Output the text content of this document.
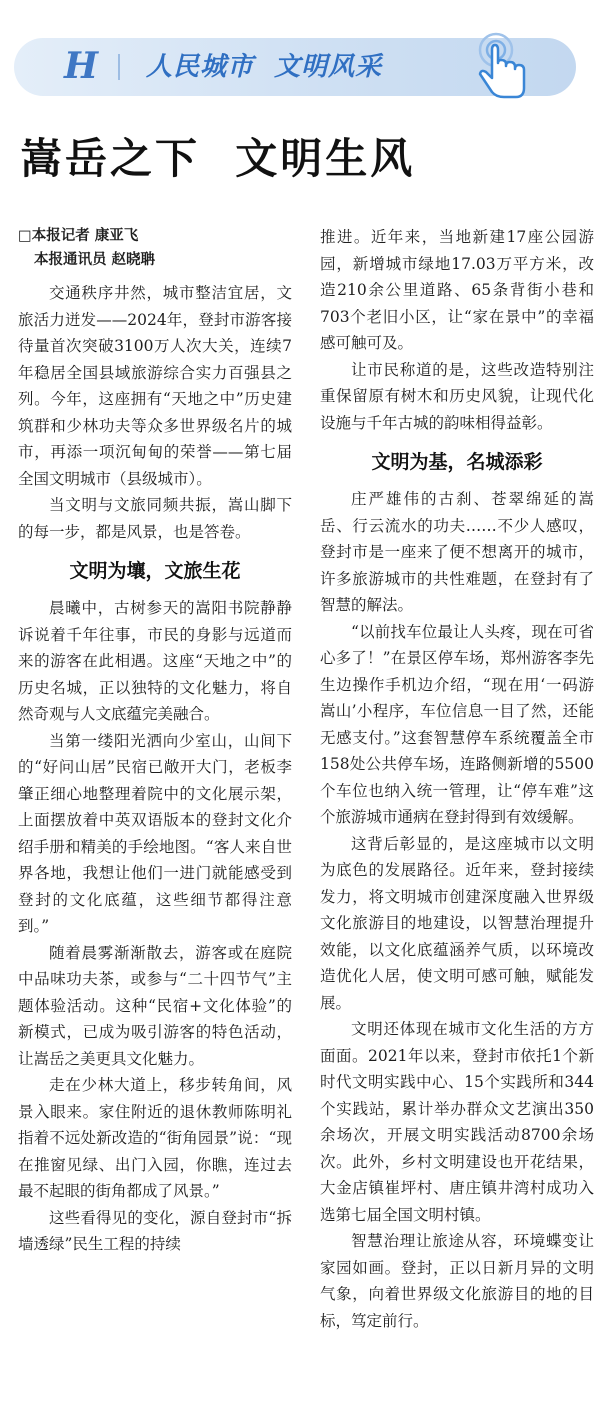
H 人民城市  文明风采
嵩岳之下  文明生风
□本报记者 康亚飞
本报通讯员 赵晓聃

交通秩序井然，城市整洁宜居，文旅活力迸发——2024年，登封市游客接待量首次突破3100万人次大关，连续7年稳居全国县域旅游综合实力百强县之列。今年，这座拥有“天地之中”历史建筑群和少林功夫等众多世界级名片的城市，再添一项沉甸甸的荣誉——第七届全国文明城市（县级城市）。

当文明与文旅同频共振，嵩山脚下的每一步，都是风景，也是答卷。

文明为壤，文旅生花

晨曦中，古树参天的嵩阳书院静静诉说着千年往事，市民的身影与远道而来的游客在此相遇。这座“天地之中”的历史名城，正以独特的文化魅力，将自然奇观与人文底蕴完美融合。

当第一缕阳光洒向少室山，山间下的“好问山居”民宿已敞开大门，老板李肇正细心地整理着院中的文化展示架，上面摆放着中英双语版本的登封文化介绍手册和精美的手绘地图。“客人来自世界各地，我想让他们一进门就能感受到登封的文化底蕴，这些细节都得注意到。”

随着晨雾渐渐散去，游客或在庭院中品味功夫茶，或参与“二十四节气”主题体验活动。这种“民宿+文化体验”的新模式，已成为吸引游客的特色活动，让嵩岳之美更具文化魅力。

走在少林大道上，移步转角间，风景入眼来。家住附近的退休教师陈明礼指着不远处新改造的“街角园景”说：“现在推窗见绿、出门入园，你瞧，连过去最不起眼的街角都成了风景。”

这些看得见的变化，源自登封市“拆墙透绿”民生工程的持续

推进。近年来，当地新建17座公园游园，新增城市绿地17.03万平方米，改造210余公里道路、65条背街小巷和703个老旧小区，让“家在景中”的幸福感可触可及。

让市民称道的是，这些改造特别注重保留原有树木和历史风貌，让现代化设施与千年古城的韵味相得益彰。

文明为基，名城添彩

庄严雄伟的古刹、苍翠绵延的嵩岳、行云流水的功夫……不少人感叹，登封市是一座来了便不想离开的城市，许多旅游城市的共性难题，在登封有了智慧的解法。

“以前找车位最让人头疼，现在可省心多了！”在景区停车场，郑州游客李先生边操作手机边介绍，“现在用‘一码游嵩山’小程序，车位信息一目了然，还能无感支付。”这套智慧停车系统覆盖全市158处公共停车场，连路侧新增的5500个车位也纳入统一管理，让“停车难”这个旅游城市通病在登封得到有效缓解。

这背后彰显的，是这座城市以文明为底色的发展路径。近年来，登封接续发力，将文明城市创建深度融入世界级文化旅游目的地建设，以智慧治理提升效能，以文化底蕴涵养气质，以环境改造优化人居，使文明可感可触，赋能发展。

文明还体现在城市文化生活的方方面面。2021年以来，登封市依托1个新时代文明实践中心、15个实践所和344个实践站，累计举办群众文艺演出350余场次，开展文明实践活动8700余场次。此外，乡村文明建设也开花结果，大金店镇崔坪村、唐庄镇井湾村成功入选第七届全国文明村镇。

智慧治理让旅途从容，环境蝶变让家园如画。登封，正以日新月异的文明气象，向着世界级文化旅游目的地的目标，笃定前行。
